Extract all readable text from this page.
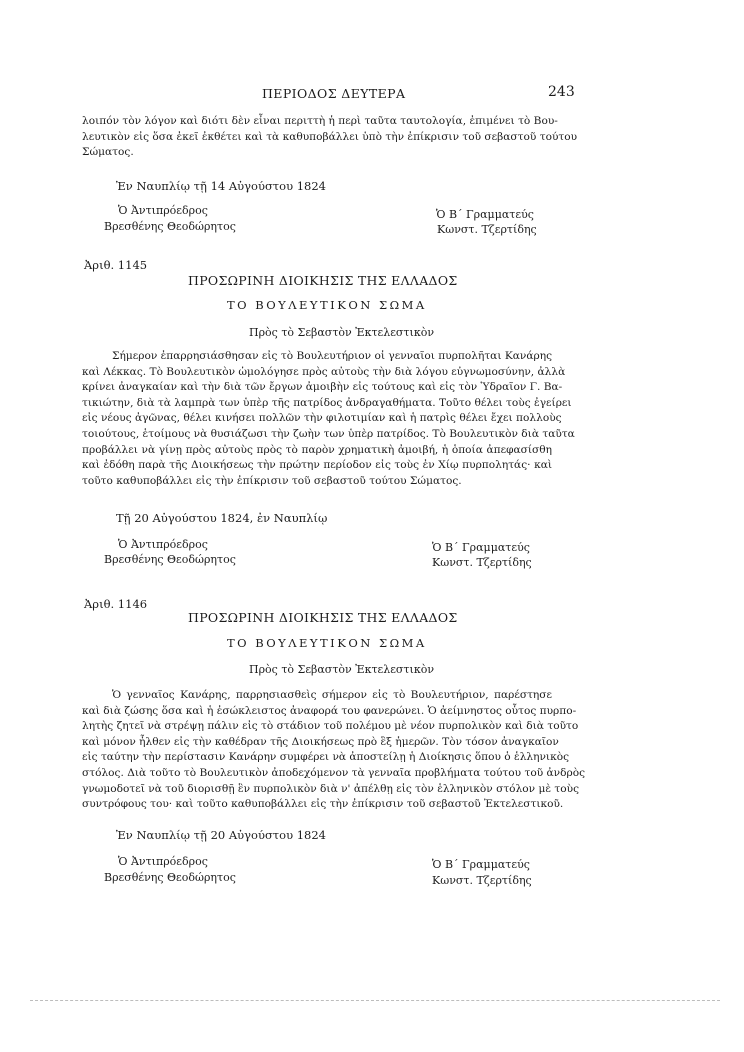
ΠΕΡΙΟΔΟΣ ΔΕΥΤΕΡΑ	243
λοιπόν τὸν λόγον καὶ διότι δὲν εἶναι περιττὴ ἡ περὶ ταῦτα ταυτολογία, ἐπιμένει τὸ Βου-
λευτικὸν εἰς ὅσα ἐκεῖ ἐκθέτει καὶ τὰ καθυποβάλλει ὑπὸ τὴν ἐπίκρισιν τοῦ σεβαστοῦ τούτου
Σώματος.
Ἐν Ναυπλίῳ τῇ 14 Αὐγούστου 1824
Ὁ Ἀντιπρόεδρος
Βρεσθένης Θεοδώρητος
Ὁ Β΄ Γραμματεύς
Κωνστ. Τζερτίδης
Ἀριθ. 1145
ΠΡΟΣΩΡΙΝΗ ΔΙΟΙΚΗΣΙΣ ΤΗΣ ΕΛΛΑΔΟΣ
ΤΟ ΒΟΥΛΕΥΤΙΚΟΝ ΣΩΜΑ
Πρὸς τὸ Σεβαστὸν Ἐκτελεστικὸν
Σήμερον ἐπαρρησιάσθησαν εἰς τὸ Βουλευτήριον οἱ γενναῖοι πυρπολῆται Κανάρης
καὶ Λέκκας. Τὸ Βουλευτικὸν ὡμολόγησε πρὸς αὐτοὺς τὴν διὰ λόγου εὐγνωμοσύνην, ἀλλὰ
κρίνει ἀναγκαίαν καὶ τὴν διὰ τῶν ἔργων ἀμοιβὴν εἰς τούτους καὶ εἰς τὸν Ὑδραῖον Γ. Βα-
τικιώτην, διὰ τὰ λαμπρὰ των ὑπὲρ τῆς πατρίδος ἀνδραγαθήματα. Τοῦτο θέλει τοὺς ἐγείρει
εἰς νέους ἀγῶνας, θέλει κινήσει πολλῶν τὴν φιλοτιμίαν καὶ ἡ πατρὶς θέλει ἔχει πολλοὺς
τοιούτους, ἑτοίμους νὰ θυσιάζωσι τὴν ζωὴν των ὑπὲρ πατρίδος. Τὸ Βουλευτικὸν διὰ ταῦτα
προβάλλει νὰ γίνῃ πρὸς αὐτοὺς πρὸς τὸ παρὸν χρηματικὴ ἀμοιβή, ἡ ὁποία ἀπεφασίσθη
καὶ ἐδόθη παρὰ τῆς Διοικήσεως τὴν πρώτην περίοδον εἰς τοὺς ἐν Χίῳ πυρπολητάς· καὶ
τοῦτο καθυποβάλλει εἰς τὴν ἐπίκρισιν τοῦ σεβαστοῦ τούτου Σώματος.
Τῇ 20 Αὐγούστου 1824, ἐν Ναυπλίῳ
Ὁ Ἀντιπρόεδρος
Βρεσθένης Θεοδώρητος
Ὁ Β΄ Γραμματεύς
Κωνστ. Τζερτίδης
Ἀριθ. 1146
ΠΡΟΣΩΡΙΝΗ ΔΙΟΙΚΗΣΙΣ ΤΗΣ ΕΛΛΑΔΟΣ
ΤΟ ΒΟΥΛΕΥΤΙΚΟΝ ΣΩΜΑ
Πρὸς τὸ Σεβαστὸν Ἐκτελεστικὸν
Ὁ γενναῖος Κανάρης, παρρησιασθεὶς σήμερον εἰς τὸ Βουλευτήριον, παρέστησε
καὶ διὰ ζώσης ὅσα καὶ ἡ ἐσώκλειστος ἀναφορά του φανερώνει. Ὁ ἀείμνηστος οὗτος πυρπο-
λητὴς ζητεῖ νὰ στρέψῃ πάλιν εἰς τὸ στάδιον τοῦ πολέμου μὲ νέον πυρπολικὸν καὶ διὰ τοῦτο
καὶ μόνον ἦλθεν εἰς τὴν καθέδραν τῆς Διοικήσεως πρὸ ἓξ ἡμερῶν. Τὸν τόσον ἀναγκαῖον
εἰς ταύτην τὴν περίστασιν Κανάρην συμφέρει νὰ ἀποστείλῃ ἡ Διοίκησις ὅπου ὁ ἑλληνικὸς
στόλος. Διὰ τοῦτο τὸ Βουλευτικὸν ἀποδεχόμενον τὰ γενναῖα προβλήματα τούτου τοῦ ἀνδρὸς
γνωμοδοτεῖ νὰ τοῦ διορισθῇ ἓν πυρπολικὸν διὰ ν' ἀπέλθῃ εἰς τὸν ἑλληνικὸν στόλον μὲ τοὺς
συντρόφους του· καὶ τοῦτο καθυποβάλλει εἰς τὴν ἐπίκρισιν τοῦ σεβαστοῦ Ἐκτελεστικοῦ.
Ἐν Ναυπλίῳ τῇ 20 Αὐγούστου 1824
Ὁ Ἀντιπρόεδρος
Βρεσθένης Θεοδώρητος
Ὁ Β΄ Γραμματεύς
Κωνστ. Τζερτίδης
